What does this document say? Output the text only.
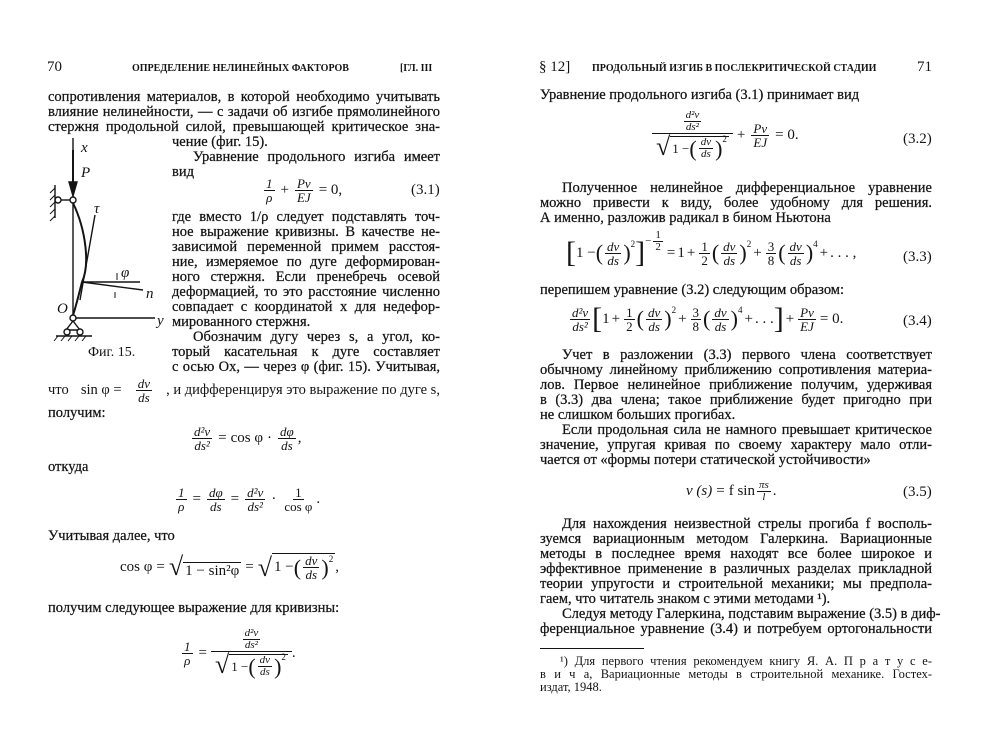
70	ОПРЕДЕЛЕНИЕ НЕЛИНЕЙНЫХ ФАКТОРОВ	[ГЛ. III
сопротивления материалов, в которой необходимо учитывать
влияние нелинейности, — с задачи об изгибе прямолинейного
стержня продольной силой, превышающей критическое зна-
чение (фиг. 15).
Уравнение продольного изгиба имеет
вид
$\frac{1}{\rho} + \frac{Pv}{EJ} = 0$,	(3.1)
где вместо 1/ρ следует подставлять точ-
ное выражение кривизны. В качестве не-
зависимой переменной примем расстоя-
ние, измеряемое по дуге деформирован-
ного стержня. Если пренебречь осевой
деформацией, то это расстояние численно
совпадает с координатой x для недефор-
мированного стержня.
Обозначим дугу через s, а угол, ко-
торый касательная к дуге составляет
с осью Ox, — через φ (фиг. 15). Учитывая,
Фиг. 15.
что $\sin \varphi = \frac{dv}{ds}$ , и дифференцируя это выражение по дуге s,
получим:
$\frac{\text{d²v}}{\text{ds²}} = \cos \varphi \cdot \frac{d\varphi}{ds}$ ,
откуда
$\frac{1}{\rho} = \frac{d\varphi}{ds} = \frac{\text{d²v}}{\text{ds²}} \cdot \frac{1}{\text{cos φ}}$ .
Учитывая далее, что
cos φ = √ 1 − sin²φ = √ 1 − ( $\frac{dv}{ds}$ ) 2 ,
получим следующее выражение для кривизны:
$\frac{1}{\rho}$ =
$\frac{\text{d²v}}{\text{ds²}}$
√ 1 − ( $\frac{dv}{ds}$ ) 2 .
x
P
τ
φ
n
O
y
§ 12] ПРОДОЛЬНЫЙ ИЗГИБ В ПОСЛЕКРИТИЧЕСКОЙ СТАДИИ	71
Уравнение продольного изгиба (3.1) принимает вид
$\frac{\text{d²v}}{\text{ds²}}$
√ 1 − ( $\frac{dv}{ds}$ ) $2 + \frac{Pv}{EJ} = 0$.	(3.2)
Полученное нелинейное дифференциальное уравнение
можно привести к виду, более удобному для решения.
А именно, разложив радикал в бином Ньютона
[ 1 − ( $\frac{dv}{ds}$ ) 2 ] − $\frac{1}{2} = 1 + \frac{1}{2}$ ( $\frac{dv}{ds}$ ) 2
+ $\frac{3}{8}$ ( $\frac{dv}{ds}$ ) 4
+ . . . ,	(3.3)
перепишем уравнение (3.2) следующим образом:
$\frac{\text{d²v}}{\text{ds²}}$ [ $1 + \frac{1}{2}$ ( $\frac{dv}{ds}$ ) 2
+ $\frac{3}{8}$ ( $\frac{dv}{ds}$ ) 4
+ . . . ] + $\frac{Pv}{EJ} = 0$.	(3.4)
Учет в разложении (3.3) первого члена соответствует
обычному линейному приближению сопротивления материа-
лов. Первое нелинейное приближение получим, удерживая
в (3.3) два члена; такое приближение будет пригодно при
не слишком больших прогибах.
Если продольная сила не намного превышает критическое
значение, упругая кривая по своему характеру мало отли-
чается от «формы потери статической устойчивости»
v (s) = f $\sin \frac{\pi s}{l}$ .	(3.5)
Для нахождения неизвестной стрелы прогиба f восполь-
зуемся вариационным методом Галеркина. Вариационные
методы в последнее время находят все более широкое и
эффективное применение в различных разделах прикладной
теории упругости и строительной механики; мы предпола-
гаем, что читатель знаком с этими методами ¹).
Следуя методу Галеркина, подставим выражение (3.5) в диф-
ференциальное уравнение (3.4) и потребуем ортогональности
¹) Для первого чтения рекомендуем книгу Я. А. П р а т у с е-
в и ч а, Вариационные методы в строительной механике. Гостех-
издат, 1948.
